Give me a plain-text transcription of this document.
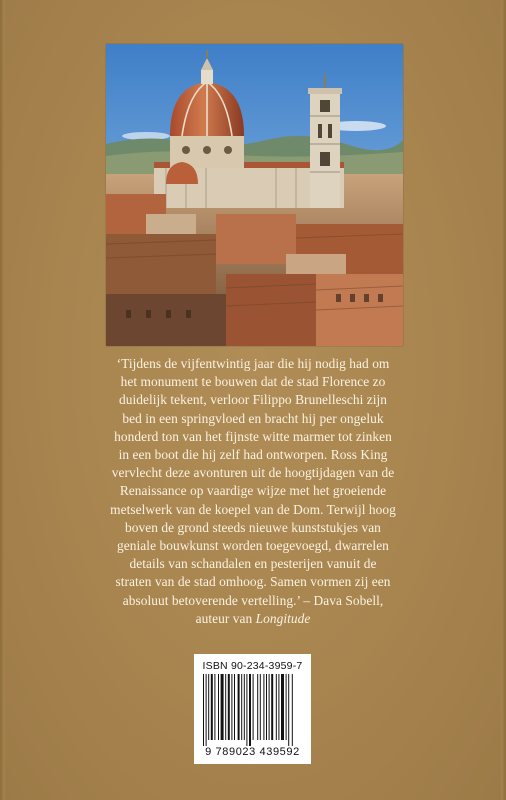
‘Tijdens de vijfentwintig jaar die hij nodig had om
het monument te bouwen dat de stad Florence zo
duidelijk tekent, verloor Filippo Brunelleschi zijn
bed in een springvloed en bracht hij per ongeluk
honderd ton van het fijnste witte marmer tot zinken
in een boot die hij zelf had ontworpen. Ross King
vervlecht deze avonturen uit de hoogtijdagen van de
Renaissance op vaardige wijze met het groeiende
metselwerk van de koepel van de Dom. Terwijl hoog
boven de grond steeds nieuwe kunststukjes van
geniale bouwkunst worden toegevoegd, dwarrelen
details van schandalen en pesterijen vanuit de
straten van de stad omhoog. Samen vormen zij een
absoluut betoverende vertelling.’ – Dava Sobell,
auteur van Longitude
ISBN 90-234-3959-7
9 789023 439592
